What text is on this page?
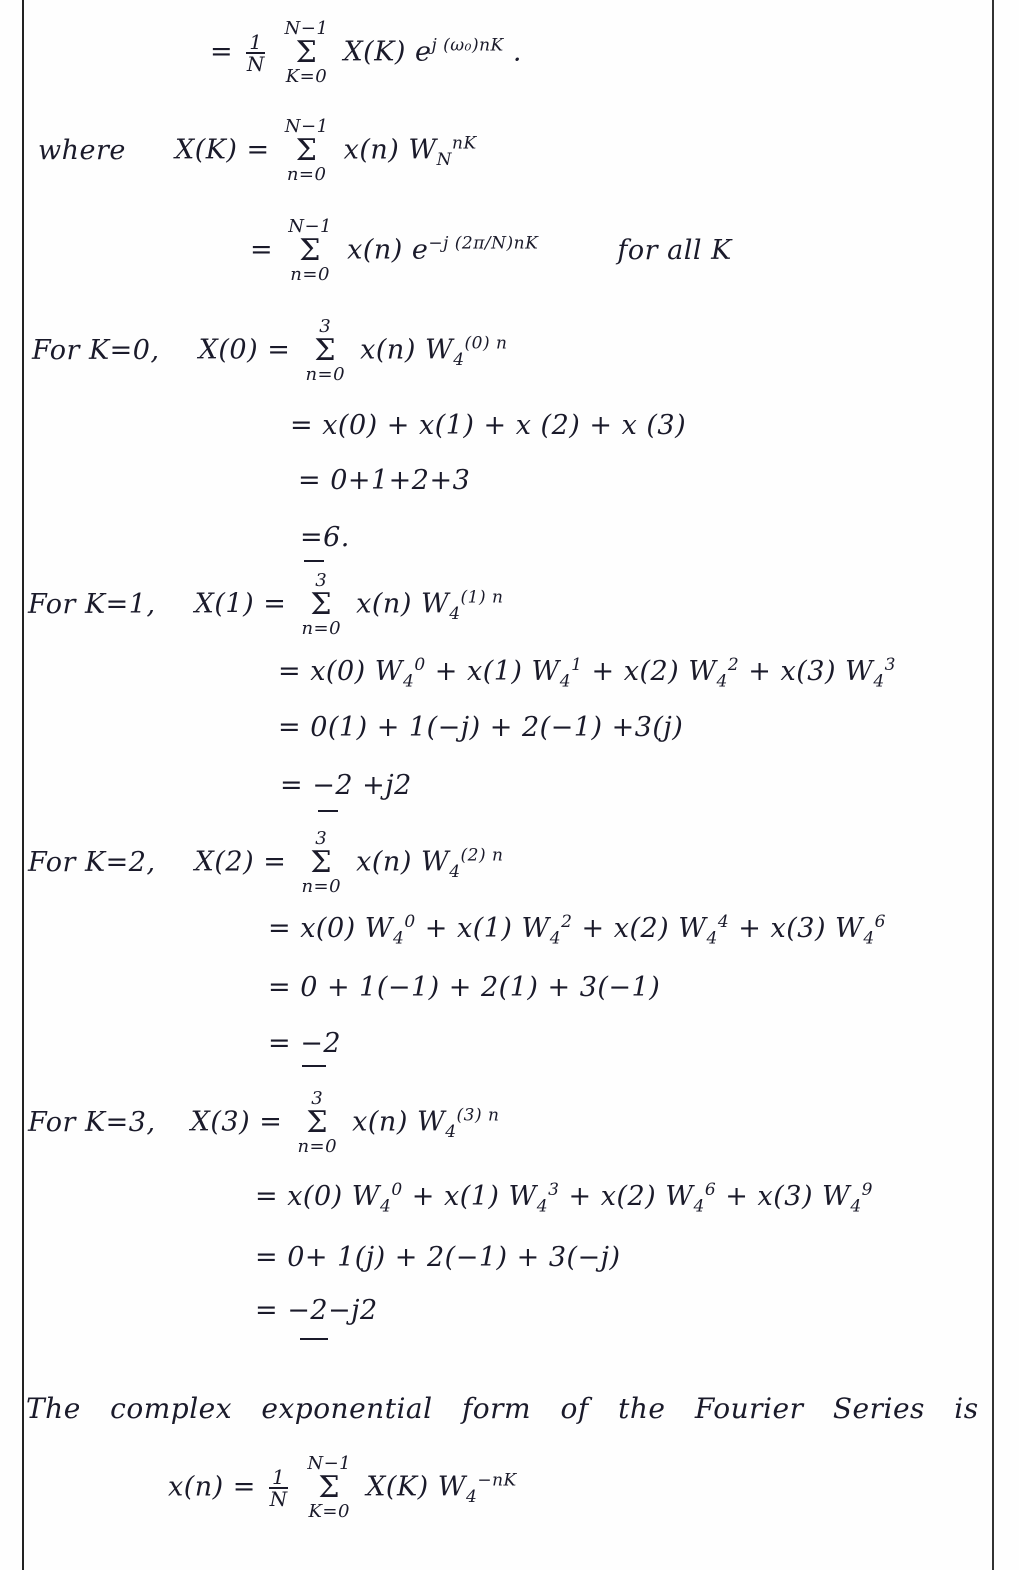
= $\frac{1}{N}$

N−1
Σ
K=0
X(K) $e^{j (\omega_0)nK}$ .
where X(K) =
N−1
Σ
n=0
x(n) $W_N^{nK}$
=
N−1
Σ
n=0
x(n) $e^{-j (2\pi/N)nK}$	for all K
For K=0, X(0) =
3
Σ
n=0
x(n) $W_4^{(0) n}$
= x(0) + x(1) + x (2) + x (3)
= 0+1+2+3
=6.
For K=1, X(1) =
3
Σ
n=0
x(n) $W_4^{(1) n}$
= x(0) $W_4^0 + x(1) W_4^1 + x(2) W_4^2 + x(3)$ $W_4^3$
= 0(1) + 1(−j) + 2(−1) +3(j)
= −2 +j2
For K=2, X(2) =
3
Σ
n=0
x(n) $W_4^{(2) n}$
= x(0) $W_4^0 + x(1) W_4^2 + x(2) W_4^4 + x(3)$ $W_4^6$
= 0 + 1(−1) + 2(1) + 3(−1)
= −2
For K=3, X(3) =
3
Σ
n=0
x(n) $W_4^{(3) n}$
= x(0) $W_4^0 + x(1) W_4^3 + x(2) W_4^6 + x(3)$ $W_4^9$
= 0+ 1(j) + 2(−1) + 3(−j)
= −2−j2
The complex exponential form of the Fourier Series is
$x(n) = \frac{1}{N}$

N−1
Σ
K=0
X(K) $W_4^{-nK}$
